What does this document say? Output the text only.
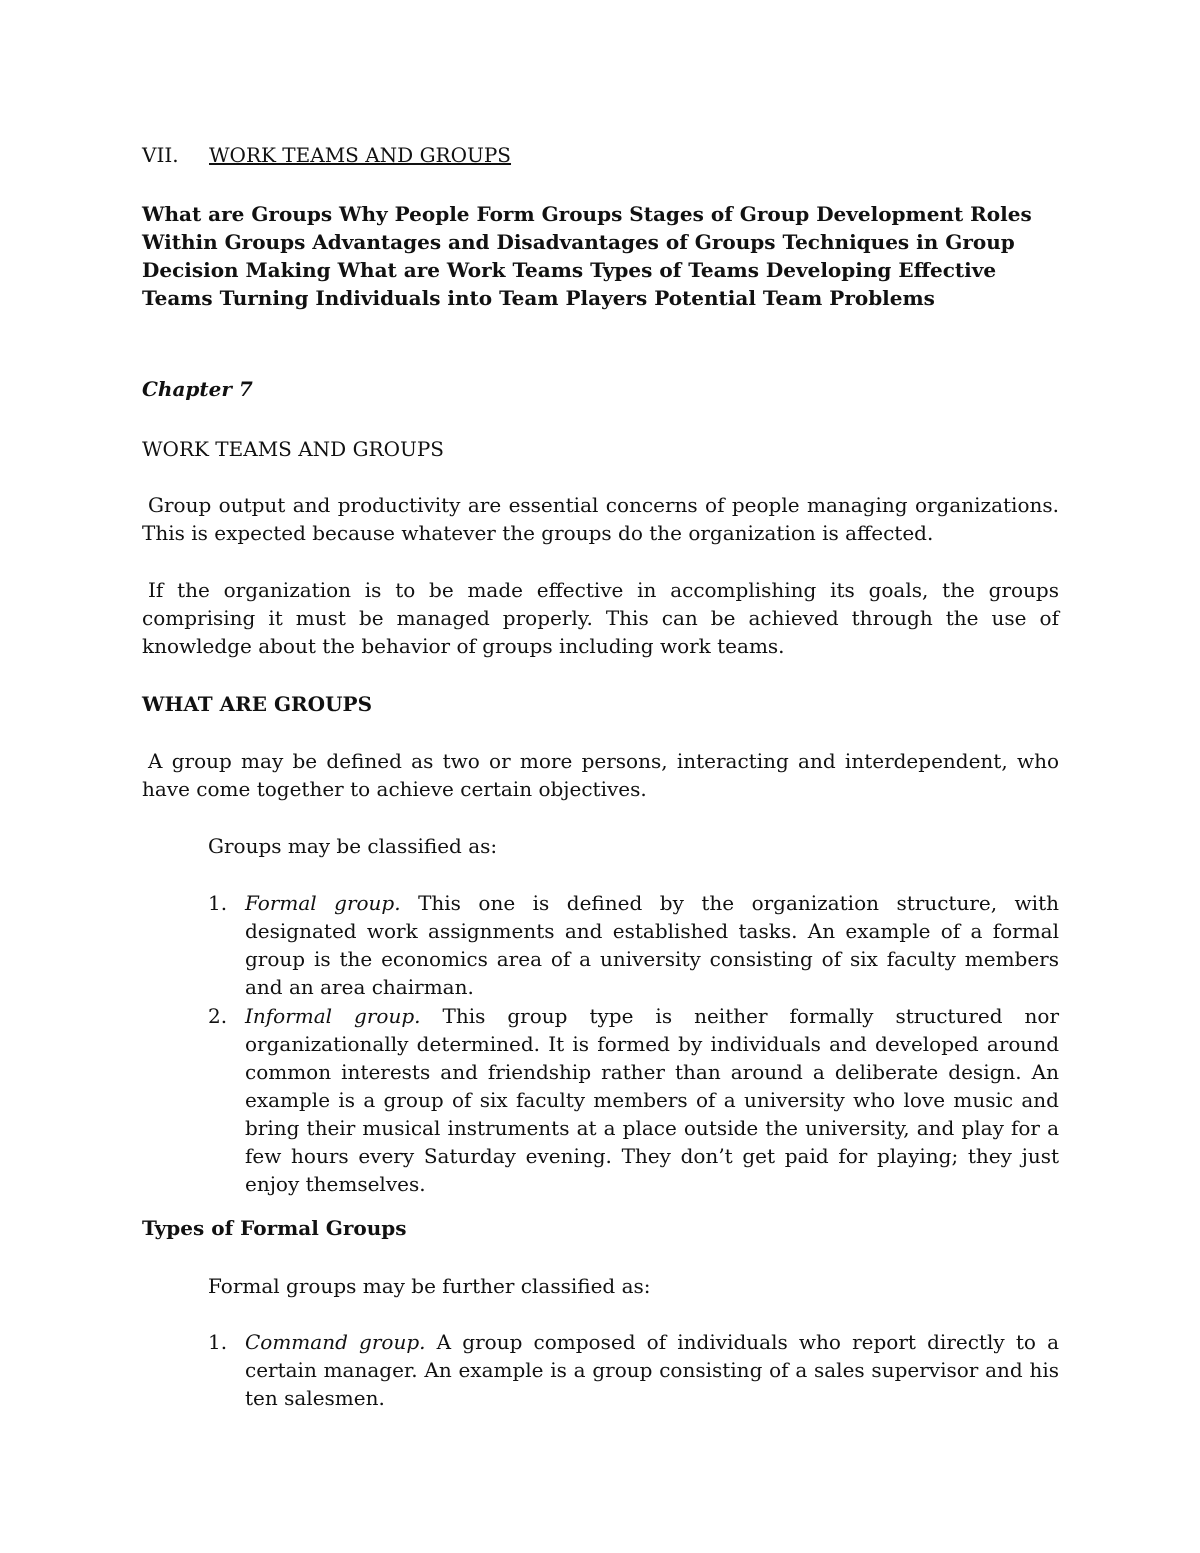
VII. WORK TEAMS AND GROUPS

What are Groups Why People Form Groups Stages of Group Development Roles Within Groups Advantages and Disadvantages of Groups Techniques in Group Decision Making What are Work Teams Types of Teams Developing Effective Teams Turning Individuals into Team Players Potential Team Problems

Chapter 7

WORK TEAMS AND GROUPS

Group output and productivity are essential concerns of people managing organizations. This is expected because whatever the groups do the organization is affected.

If the organization is to be made effective in accomplishing its goals, the groups comprising it must be managed properly. This can be achieved through the use of knowledge about the behavior of groups including work teams.

WHAT ARE GROUPS

A group may be defined as two or more persons, interacting and interdependent, who have come together to achieve certain objectives.

Groups may be classified as:

1. Formal group. This one is defined by the organization structure, with designated work assignments and established tasks. An example of a formal group is the economics area of a university consisting of six faculty members and an area chairman.

2. Informal group. This group type is neither formally structured nor organizationally determined. It is formed by individuals and developed around common interests and friendship rather than around a deliberate design. An example is a group of six faculty members of a university who love music and bring their musical instruments at a place outside the university, and play for a few hours every Saturday evening. They don’t get paid for playing; they just enjoy themselves.

Types of Formal Groups

Formal groups may be further classified as:

1. Command group. A group composed of individuals who report directly to a certain manager. An example is a group consisting of a sales supervisor and his ten salesmen.
